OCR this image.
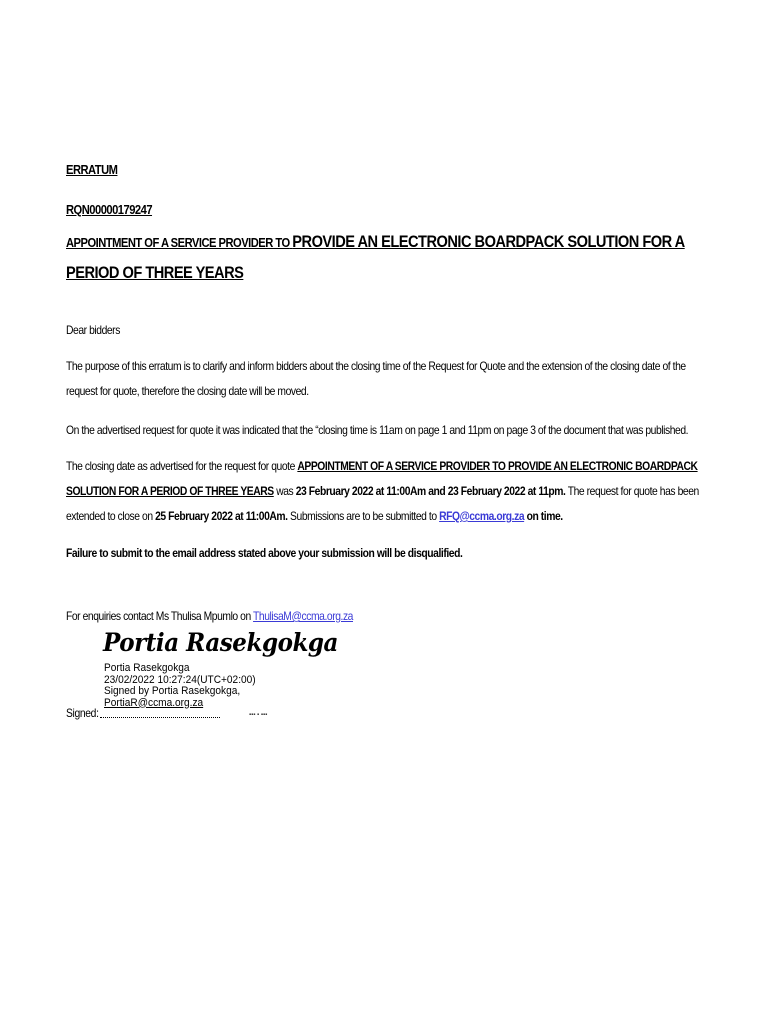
ERRATUM
RQN00000179247
APPOINTMENT OF A SERVICE PROVIDER TO PROVIDE AN ELECTRONIC BOARDPACK SOLUTION FOR A PERIOD OF THREE YEARS
Dear bidders
The purpose of this erratum is to clarify and inform bidders about the closing time of the Request for Quote and the extension of the closing date of the request for quote, therefore the closing date will be moved.
On the advertised request for quote it was indicated that the “closing time is 11am on page 1 and 11pm on page 3 of the document that was published.
The closing date as advertised for the request for quote APPOINTMENT OF A SERVICE PROVIDER TO PROVIDE AN ELECTRONIC BOARDPACK SOLUTION FOR A PERIOD OF THREE YEARS was 23 February 2022 at 11:00Am and 23 February 2022 at 11pm. The request for quote has been extended to close on 25 February 2022 at 11:00Am. Submissions are to be submitted to RFQ@ccma.org.za on time.
Failure to submit to the email address stated above your submission will be disqualified.
For enquiries contact Ms Thulisa Mpumlo on ThulisaM@ccma.org.za
Portia Rasekgokga
Portia Rasekgokga
23/02/2022 10:27:24(UTC+02:00)
Signed by Portia Rasekgokga,
PortiaR@ccma.org.za
Signed:	▪▪▪ ▪ ▪▪▪
